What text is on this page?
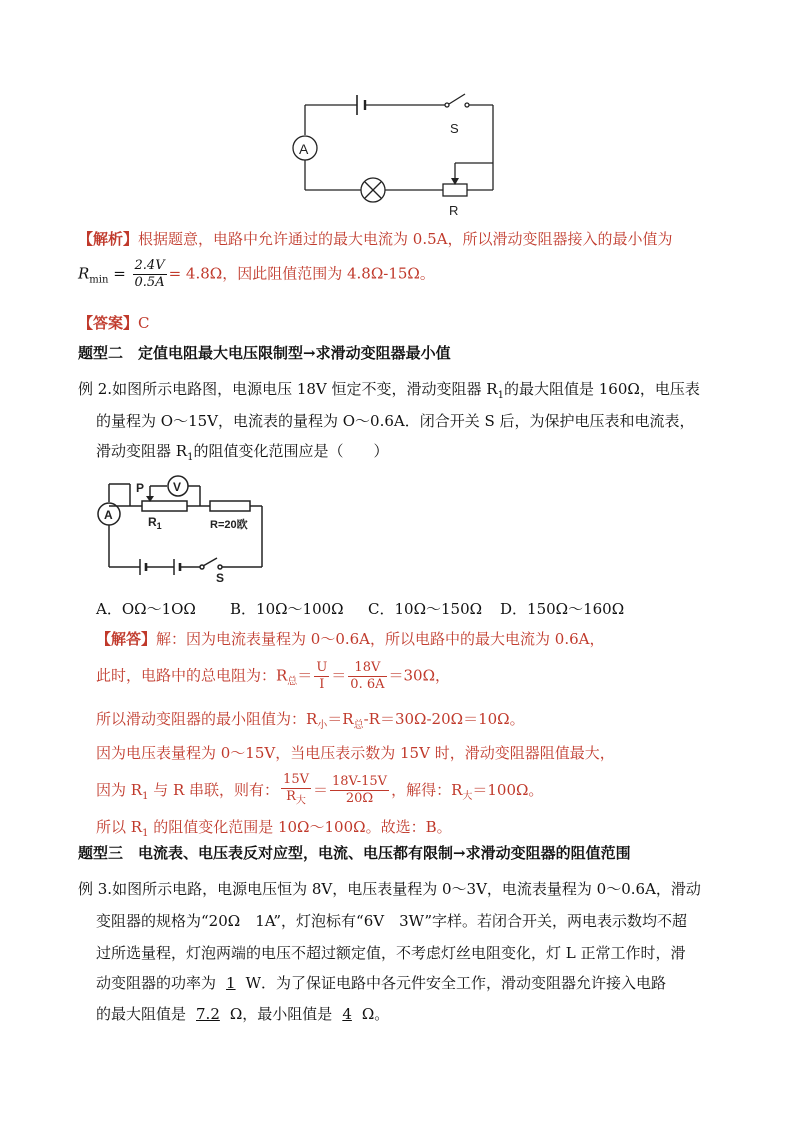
A
S
R
【解析】根据题意，电路中允许通过的最大电流为 0.5A，所以滑动变阻器接入的最小值为
$R_{min} = \frac{2.4V}{0.5A} = 4.8\Omega$，因此阻值范围为 4.8Ω-15Ω。
【答案】C
题型二　定值电阻最大电压限制型→求滑动变阻器最小值
例 2.如图所示电路图，电源电压 18V 恒定不变，滑动变阻器 $R_1$的最大阻值是 160Ω，电压表
的量程为 O～15V，电流表的量程为 O～0.6A．闭合开关 S 后，为保护电压表和电流表，
滑动变阻器 $R_1$的阻值变化范围应是（　　）
A
V
P
$R_1$	R=20欧
S
A．OΩ～1OΩ B．10Ω～100Ω C．10Ω～150Ω D．150Ω～160Ω
【解答】解：因为电流表量程为 0～0.6A，所以电路中的最大电流为 0.6A，
此时，电路中的总电阻为：$R_总= \frac{U}{I} = \frac{18V}{0. 6A} =30\Omega$，
所以滑动变阻器的最小阻值为：$R_小=R_总-R=30\Omega-20\Omega=10\Omega$。
因为电压表量程为 0～15V，当电压表示数为 15V 时，滑动变阻器阻值最大，
因为 $R_1$ 与 R 串联，则有： $\frac{15V}{R_大} = \frac{18V-15V}{20\Omega}$ ，解得：$R_大=100\Omega$。
所以 $R_1$ 的阻值变化范围是 10Ω～100Ω。故选：B。
题型三　电流表、电压表反对应型，电流、电压都有限制→求滑动变阻器的阻值范围
例 3.如图所示电路，电源电压恒为 8V，电压表量程为 0～3V，电流表量程为 0～0.6A，滑动
变阻器的规格为“20Ω　1A”，灯泡标有“6V　3W”字样。若闭合开关，两电表示数均不超
过所选量程，灯泡两端的电压不超过额定值，不考虑灯丝电阻变化，灯 L 正常工作时，滑
动变阻器的功率为 1 W．为了保证电路中各元件安全工作，滑动变阻器允许接入电路
的最大阻值是 7.2 Ω，最小阻值是 4 Ω。
